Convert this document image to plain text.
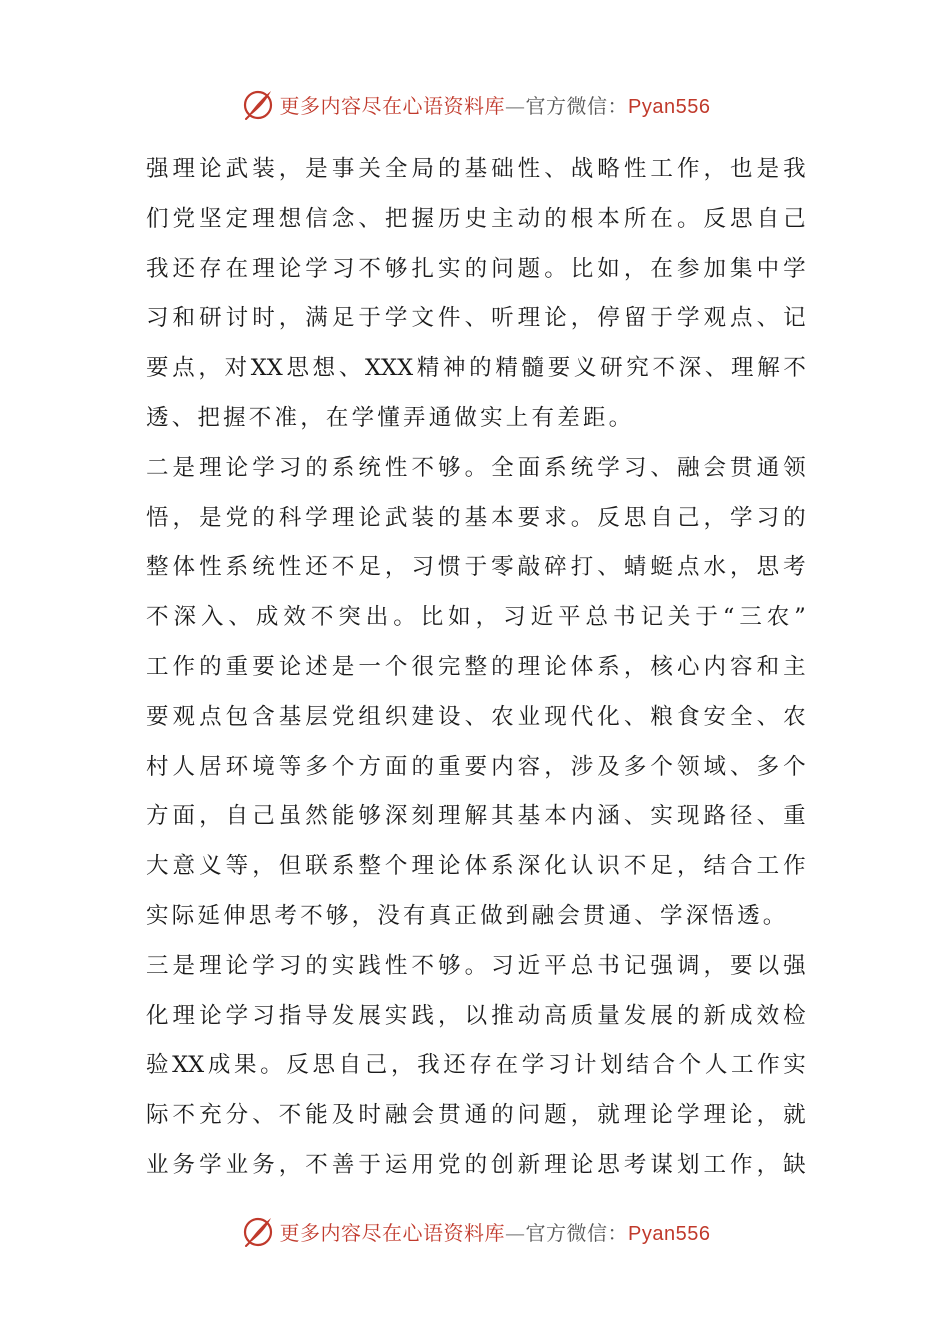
更多内容尽在心语资料库—官方微信：Pyan556
强 理 论 武 装 ， 是 事 关 全 局 的 基 础 性 、 战 略 性 工 作 ， 也 是 我
们 党 坚 定 理 想 信 念 、 把 握 历 史 主 动 的 根 本 所 在 。 反 思 自 己
我 还 存 在 理 论 学 习 不 够 扎 实 的 问 题 。 比 如 ， 在 参 加 集 中 学
习 和 研 讨 时 ， 满 足 于 学 文 件 、 听 理 论 ， 停 留 于 学 观 点 、 记
要 点 ， 对 XX 思 想 、 XXX 精 神 的 精 髓 要 义 研 究 不 深 、 理 解 不
透、把握不准，在学懂弄通做实上有差距。
二 是 理 论 学 习 的 系 统 性 不 够 。 全 面 系 统 学 习 、 融 会 贯 通 领
悟 ， 是 党 的 科 学 理 论 武 装 的 基 本 要 求 。 反 思 自 己 ， 学 习 的
整 体 性 系 统 性 还 不 足 ， 习 惯 于 零 敲 碎 打 、 蜻 蜓 点 水 ， 思 考
不 深 入 、 成 效 不 突 出 。 比 如 ， 习 近 平 总 书 记 关 于 “ 三 农 ”
工 作 的 重 要 论 述 是 一 个 很 完 整 的 理 论 体 系 ， 核 心 内 容 和 主
要 观 点 包 含 基 层 党 组 织 建 设 、 农 业 现 代 化 、 粮 食 安 全 、 农
村 人 居 环 境 等 多 个 方 面 的 重 要 内 容 ， 涉 及 多 个 领 域 、 多 个
方 面 ， 自 己 虽 然 能 够 深 刻 理 解 其 基 本 内 涵 、 实 现 路 径 、 重
大 意 义 等 ， 但 联 系 整 个 理 论 体 系 深 化 认 识 不 足 ， 结 合 工 作
实际延伸思考不够，没有真正做到融会贯通、学深悟透。
三 是 理 论 学 习 的 实 践 性 不 够 。 习 近 平 总 书 记 强 调 ， 要 以 强
化 理 论 学 习 指 导 发 展 实 践 ， 以 推 动 高 质 量 发 展 的 新 成 效 检
验 XX 成 果 。 反 思 自 己 ， 我 还 存 在 学 习 计 划 结 合 个 人 工 作 实
际 不 充 分 、 不 能 及 时 融 会 贯 通 的 问 题 ， 就 理 论 学 理 论 ， 就
业 务 学 业 务 ， 不 善 于 运 用 党 的 创 新 理 论 思 考 谋 划 工 作 ， 缺
更多内容尽在心语资料库—官方微信：Pyan556
